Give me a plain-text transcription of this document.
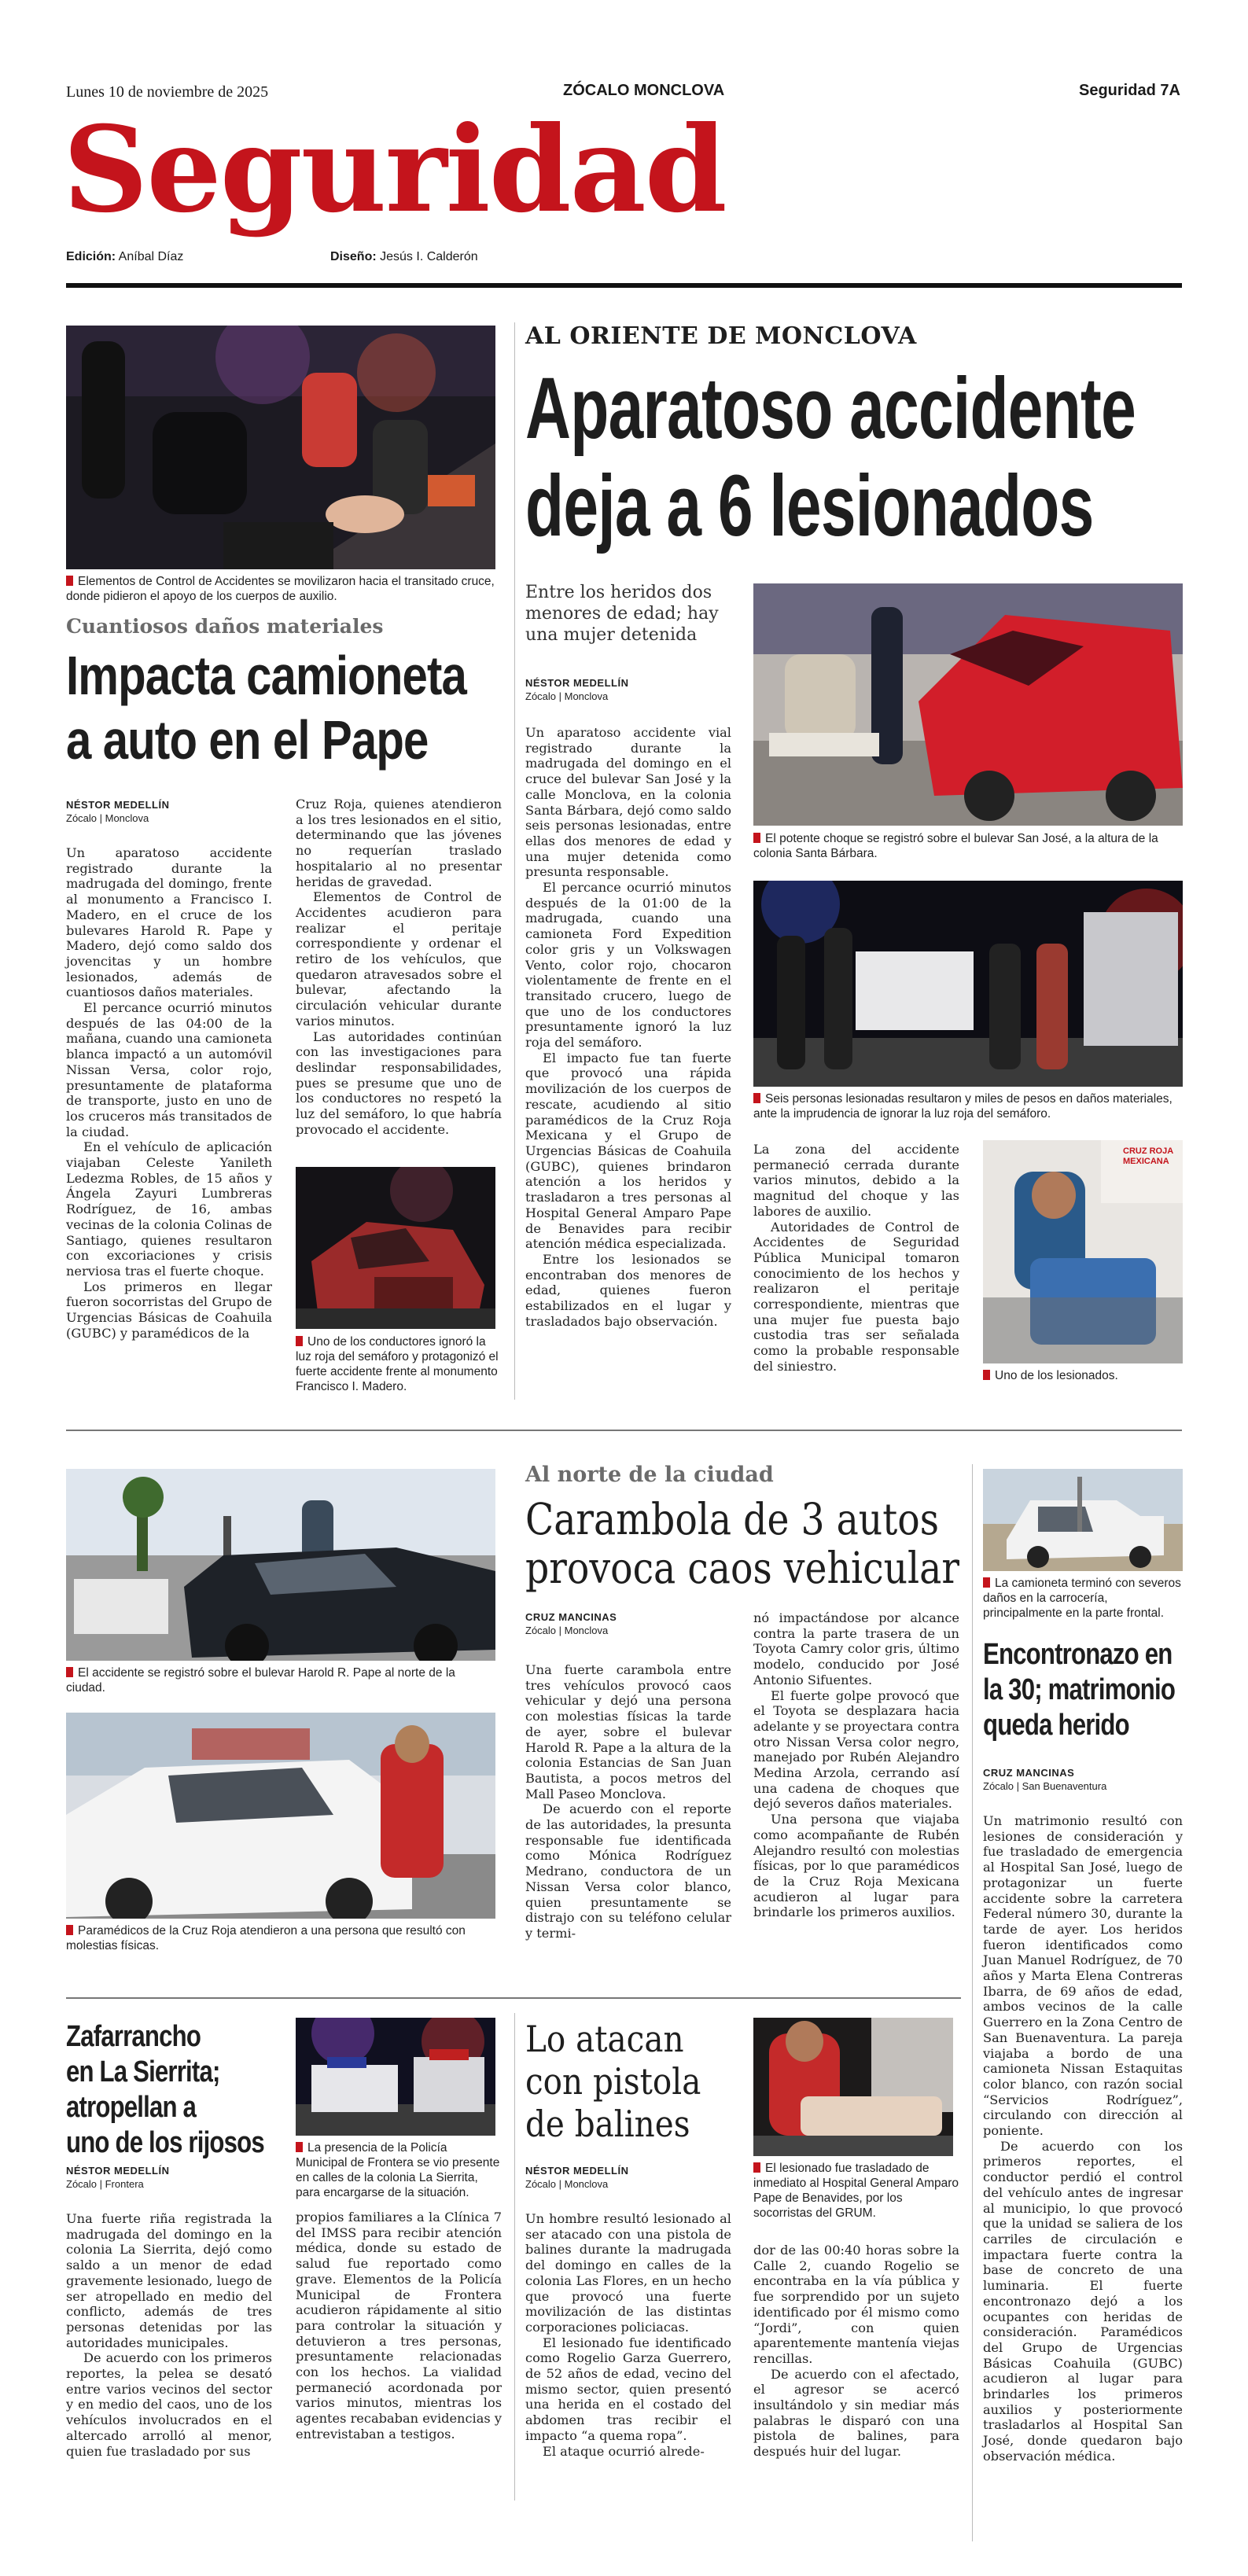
Lunes 10 de noviembre de 2025	ZÓCALO MONCLOVA	Seguridad 7A
Seguridad
Edición: Aníbal Díaz	Diseño: Jesús I. Calderón
Elementos de Control de Accidentes se movilizaron hacia el transitado cruce, donde pidieron el apoyo de los cuerpos de auxilio.
Cuantiosos daños materiales
Impacta camioneta
a auto en el Pape
NÉSTOR MEDELLÍN
Zócalo | Monclova

Un aparatoso accidente registrado durante la madrugada del domingo, frente al monumento a Francisco I. Madero, en el cruce de los bulevares Harold R. Pape y Madero, dejó como saldo dos jovencitas y un hombre lesionados, además de cuantiosos daños materiales.

El percance ocurrió minutos después de las 04:00 de la mañana, cuando una camioneta blanca impactó a un automóvil Nissan Versa, color rojo, presuntamente de plataforma de transporte, justo en uno de los cruceros más transitados de la ciudad.

En el vehículo de aplicación viajaban Celeste Yanileth Ledezma Robles, de 15 años y Ángela Zayuri Lumbreras Rodríguez, de 16, ambas vecinas de la colonia Colinas de Santiago, quienes resultaron con excoriaciones y crisis nerviosa tras el fuerte choque.

Los primeros en llegar fueron socorristas del Grupo de Urgencias Básicas de Coahuila (GUBC) y paramédicos de la

Cruz Roja, quienes atendieron a los tres lesionados en el sitio, determinando que las jóvenes no requerían traslado hospitalario al no presentar heridas de gravedad.

Elementos de Control de Accidentes acudieron para realizar el peritaje correspondiente y ordenar el retiro de los vehículos, que quedaron atravesados sobre el bulevar, afectando la circulación vehicular durante varios minutos.

Las autoridades continúan con las investigaciones para deslindar responsabilidades, pues se presume que uno de los conductores no respetó la luz del semáforo, lo que habría provocado el accidente.

Uno de los conductores ignoró la luz roja del semáforo y protagonizó el fuerte accidente frente al monumento Francisco I. Madero.
AL ORIENTE DE MONCLOVA
Aparatoso accidente
deja a 6 lesionados
Entre los heridos dos menores de edad; hay una mujer detenida
NÉSTOR MEDELLÍN
Zócalo | Monclova

Un aparatoso accidente vial registrado durante la madrugada del domingo en el cruce del bulevar San José y la calle Monclova, en la colonia Santa Bárbara, dejó como saldo seis personas lesionadas, entre ellas dos menores de edad y una mujer detenida como presunta responsable.

El percance ocurrió minutos después de la 01:00 de la madrugada, cuando una camioneta Ford Expedition color gris y un Volkswagen Vento, color rojo, chocaron violentamente de frente en el transitado crucero, luego de que uno de los conductores presuntamente ignoró la luz roja del semáforo.

El impacto fue tan fuerte que provocó una rápida movilización de los cuerpos de rescate, acudiendo al sitio paramédicos de la Cruz Roja Mexicana y el Grupo de Urgencias Básicas de Coahuila (GUBC), quienes brindaron atención a los heridos y trasladaron a tres personas al Hospital General Amparo Pape de Benavides para recibir atención médica especializada.

Entre los lesionados se encontraban dos menores de edad, quienes fueron estabilizados en el lugar y trasladados bajo observación.

El potente choque se registró sobre el bulevar San José, a la altura de la colonia Santa Bárbara.
Seis personas lesionadas resultaron y miles de pesos en daños materiales, ante la imprudencia de ignorar la luz roja del semáforo.

La zona del accidente permaneció cerrada durante varios minutos, debido a la magnitud del choque y las labores de auxilio.

Autoridades de Control de Accidentes de Seguridad Pública Municipal tomaron conocimiento de los hechos y realizaron el peritaje correspondiente, mientras que una mujer fue puesta bajo custodia tras ser señalada como la probable responsable del siniestro.

CRUZ ROJA MEXICANA
Uno de los lesionados.
El accidente se registró sobre el bulevar Harold R. Pape al norte de la ciudad.
Paramédicos de la Cruz Roja atendieron a una persona que resultó con molestias físicas.
Al norte de la ciudad
Carambola de 3 autos
provoca caos vehicular
CRUZ MANCINAS
Zócalo | Monclova

Una fuerte carambola entre tres vehículos provocó caos vehicular y dejó una persona con molestias físicas la tarde de ayer, sobre el bulevar Harold R. Pape a la altura de la colonia Estancias de San Juan Bautista, a pocos metros del Mall Paseo Monclova.

De acuerdo con el reporte de las autoridades, la presunta responsable fue identificada como Mónica Rodríguez Medrano, conductora de un Nissan Versa color blanco, quien presuntamente se distrajo con su teléfono celular y termi-

nó impactándose por alcance contra la parte trasera de un Toyota Camry color gris, último modelo, conducido por José Antonio Sifuentes.

El fuerte golpe provocó que el Toyota se desplazara hacia adelante y se proyectara contra otro Nissan Versa color negro, manejado por Rubén Alejandro Medina Arzola, cerrando así una cadena de choques que dejó severos daños materiales.

Una persona que viajaba como acompañante de Rubén Alejandro resultó con molestias físicas, por lo que paramédicos de la Cruz Roja Mexicana acudieron al lugar para brindarle los primeros auxilios.

La camioneta terminó con severos daños en la carrocería, principalmente en la parte frontal.
Encontronazo en
la 30; matrimonio
queda herido
CRUZ MANCINAS
Zócalo | San Buenaventura

Un matrimonio resultó con lesiones de consideración y fue trasladado de emergencia al Hospital San José, luego de protagonizar un fuerte accidente sobre la carretera Federal número 30, durante la tarde de ayer. Los heridos fueron identificados como Juan Manuel Rodríguez, de 70 años y Marta Elena Contreras Ibarra, de 69 años de edad, ambos vecinos de la calle Guerrero en la Zona Centro de San Buenaventura. La pareja viajaba a bordo de una camioneta Nissan Estaquitas color blanco, con razón social “Servicios Rodríguez”, circulando con dirección al poniente.

De acuerdo con los primeros reportes, el conductor perdió el control del vehículo antes de ingresar al municipio, lo que provocó que la unidad se saliera de los carriles de circulación e impactara fuerte contra la base de concreto de una luminaria. El fuerte encontronazo dejó a los ocupantes con heridas de consideración. Paramédicos del Grupo de Urgencias Básicas Coahuila (GUBC) acudieron al lugar para brindarles los primeros auxilios y posteriormente trasladarlos al Hospital San José, donde quedaron bajo observación médica.

Zafarrancho
en La Sierrita;
atropellan a
uno de los rijosos
NÉSTOR MEDELLÍN
Zócalo | Frontera

Una fuerte riña registrada la madrugada del domingo en la colonia La Sierrita, dejó como saldo a un menor de edad gravemente lesionado, luego de ser atropellado en medio del conflicto, además de tres personas detenidas por las autoridades municipales.

De acuerdo con los primeros reportes, la pelea se desató entre varios vecinos del sector y en medio del caos, uno de los vehículos involucrados en el altercado arrolló al menor, quien fue trasladado por sus

La presencia de la Policía Municipal de Frontera se vio presente en calles de la colonia La Sierrita, para encargarse de la situación.

propios familiares a la Clínica 7 del IMSS para recibir atención médica, donde su estado de salud fue reportado como grave. Elementos de la Policía Municipal de Frontera acudieron rápidamente al sitio para controlar la situación y detuvieron a tres personas, presuntamente relacionadas con los hechos. La vialidad permaneció acordonada por varios minutos, mientras los agentes recababan evidencias y entrevistaban a testigos.

Lo atacan
con pistola
de balines
NÉSTOR MEDELLÍN
Zócalo | Monclova

Un hombre resultó lesionado al ser atacado con una pistola de balines durante la madrugada del domingo en calles de la colonia Las Flores, en un hecho que provocó una fuerte movilización de las distintas corporaciones policiacas.

El lesionado fue identificado como Rogelio Garza Guerrero, de 52 años de edad, vecino del mismo sector, quien presentó una herida en el costado del abdomen tras recibir el impacto “a quema ropa”.

El ataque ocurrió alrede-

El lesionado fue trasladado de inmediato al Hospital General Amparo Pape de Benavides, por los socorristas del GRUM.

dor de las 00:40 horas sobre la Calle 2, cuando Rogelio se encontraba en la vía pública y fue sorprendido por un sujeto identificado por él mismo como “Jordi”, con quien aparentemente mantenía viejas rencillas.

De acuerdo con el afectado, el agresor se acercó insultándolo y sin mediar más palabras le disparó con una pistola de balines, para después huir del lugar.
